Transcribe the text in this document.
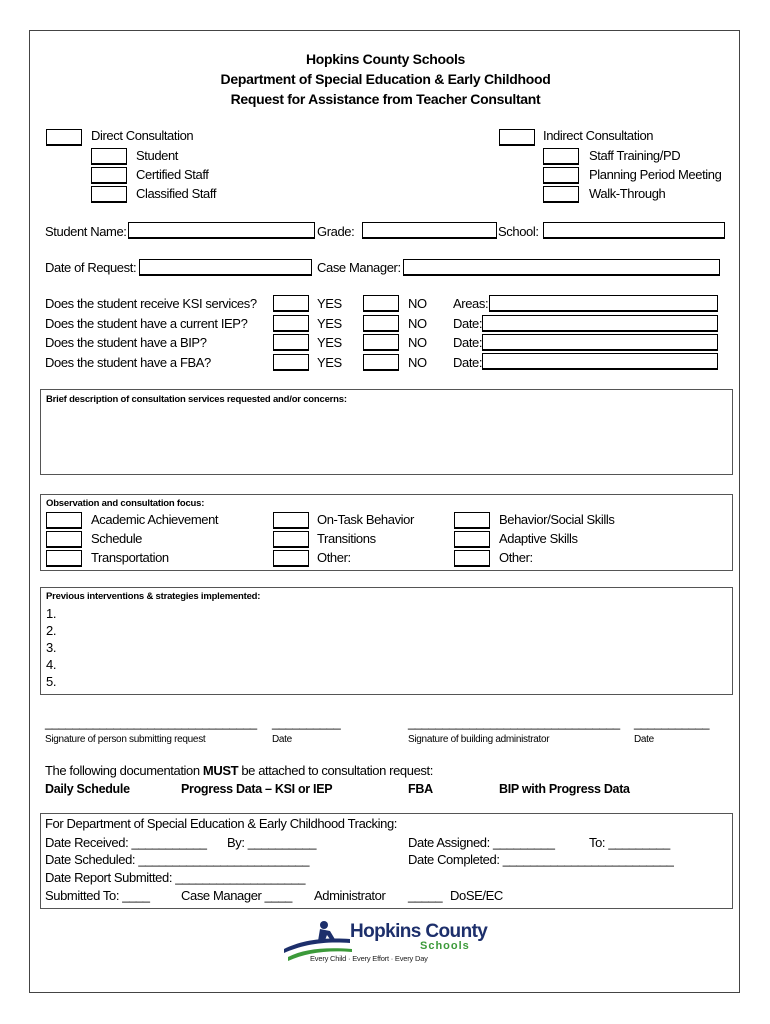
Hopkins County Schools
Department of Special Education & Early Childhood
Request for Assistance from Teacher Consultant
Direct Consultation
Student
Certified Staff
Classified Staff
Indirect Consultation
Staff Training/PD
Planning Period Meeting
Walk-Through
Student Name:	Grade:	School:
Date of Request:	Case Manager:
Does the student receive KSI services?	YES	NO Areas:
Does the student have a current IEP?	YES	NO Date:
Does the student have a BIP?	YES	NO Date:
Does the student have a FBA?	YES	NO Date:
Brief description of consultation services requested and/or concerns:
Observation and consultation focus:
Academic Achievement
Schedule
Transportation
On-Task Behavior
Transitions
Other:
Behavior/Social Skills
Adaptive Skills
Other:
Previous interventions & strategies implemented:
1.
2.
3.
4.
5.
_______________________________ __________	_______________________________ ___________
Signature of person submitting request	Date	Signature of building administrator	Date
The following documentation MUST be attached to consultation request:
Daily Schedule	Progress Data – KSI or IEP	FBA	BIP with Progress Data
For Department of Special Education & Early Childhood Tracking:
Date Received: ___________ By: __________	Date Assigned: _________	To: _________
Date Scheduled: _________________________	Date Completed: _________________________
Date Report Submitted: ___________________
Submitted To: ____ Case Manager ____ Administrator _____ DoSE/EC
Hopkins County
Schools
Every Child · Every Effort · Every Day
